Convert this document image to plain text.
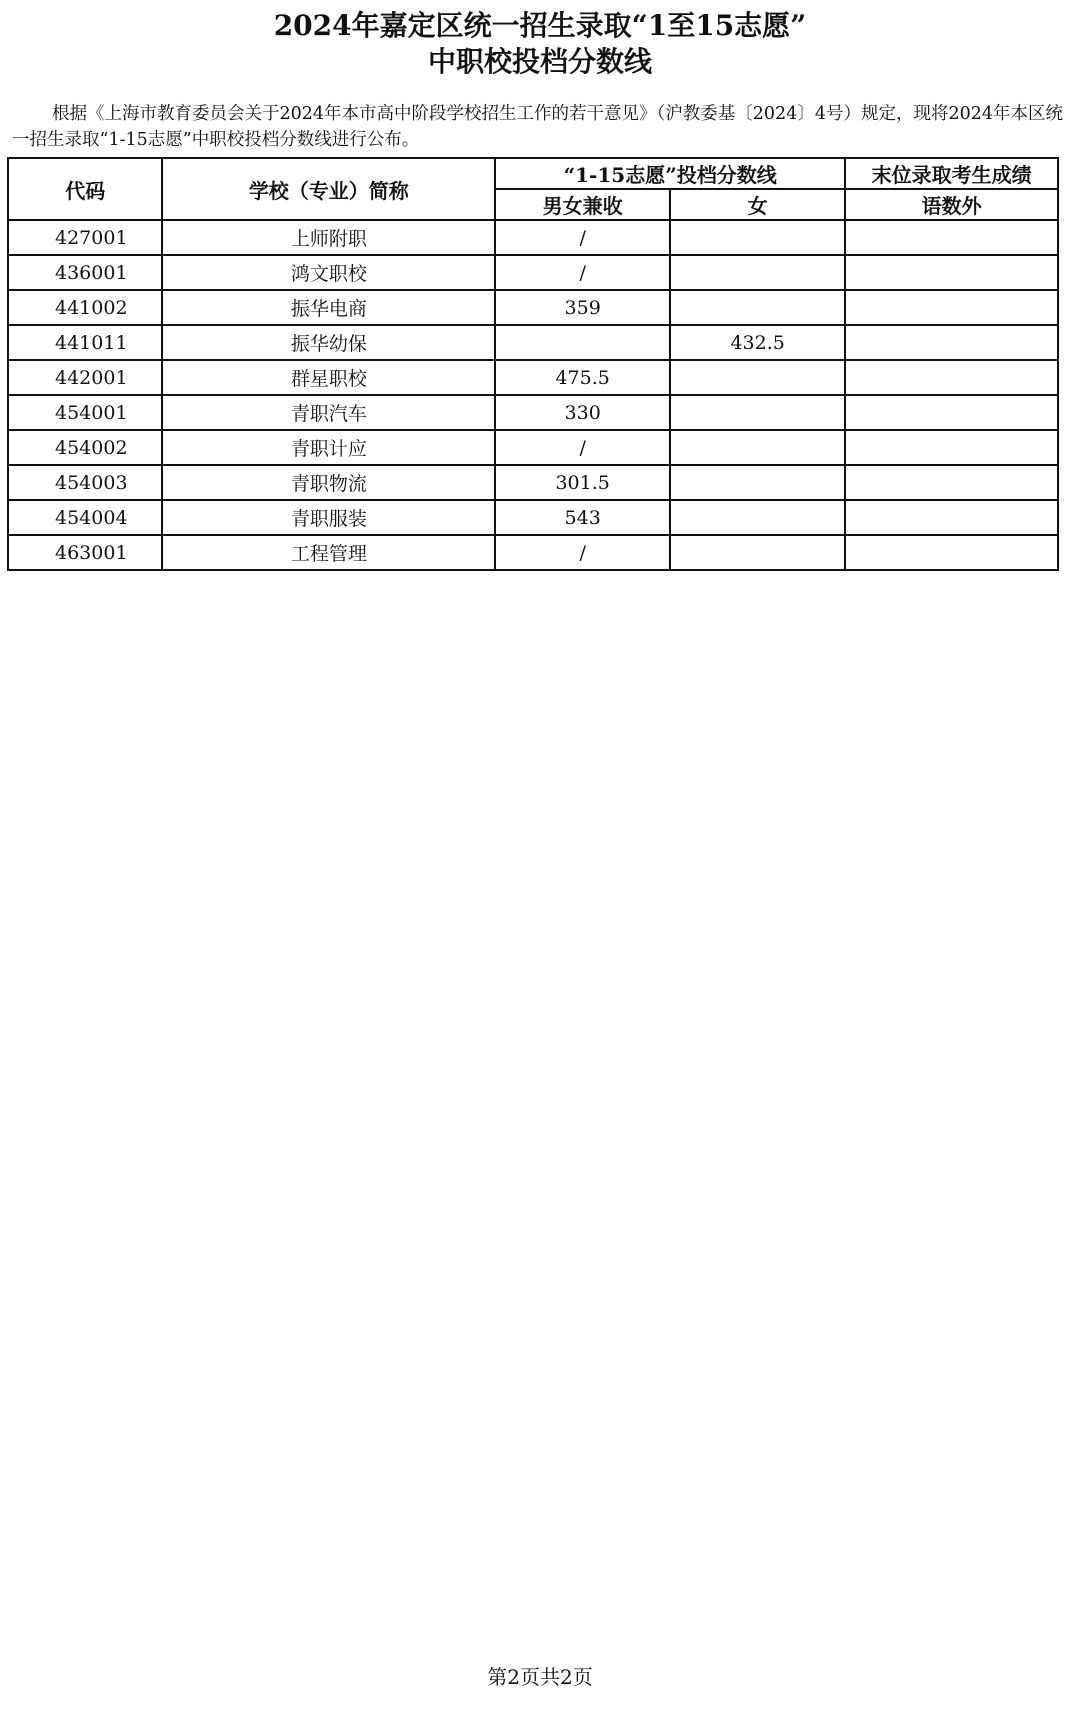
2024年嘉定区统一招生录取“1至15志愿”
中职校投档分数线

根据《上海市教育委员会关于2024年本市高中阶段学校招生工作的若干意见》（沪教委基〔2024〕4号）规定，现将2024年本区统一招生录取“1-15志愿”中职校投档分数线进行公布。

代码	学校（专业）简称	“1-15志愿”投档分数线		末位录取考生成绩
		男女兼收	女	语数外
427001	上师附职	/		
436001	鸿文职校	/		
441002	振华电商	359		
441011	振华幼保		432.5	
442001	群星职校	475.5		
454001	青职汽车	330		
454002	青职计应	/		
454003	青职物流	301.5		
454004	青职服装	543		
463001	工程管理	/		
第2页共2页
